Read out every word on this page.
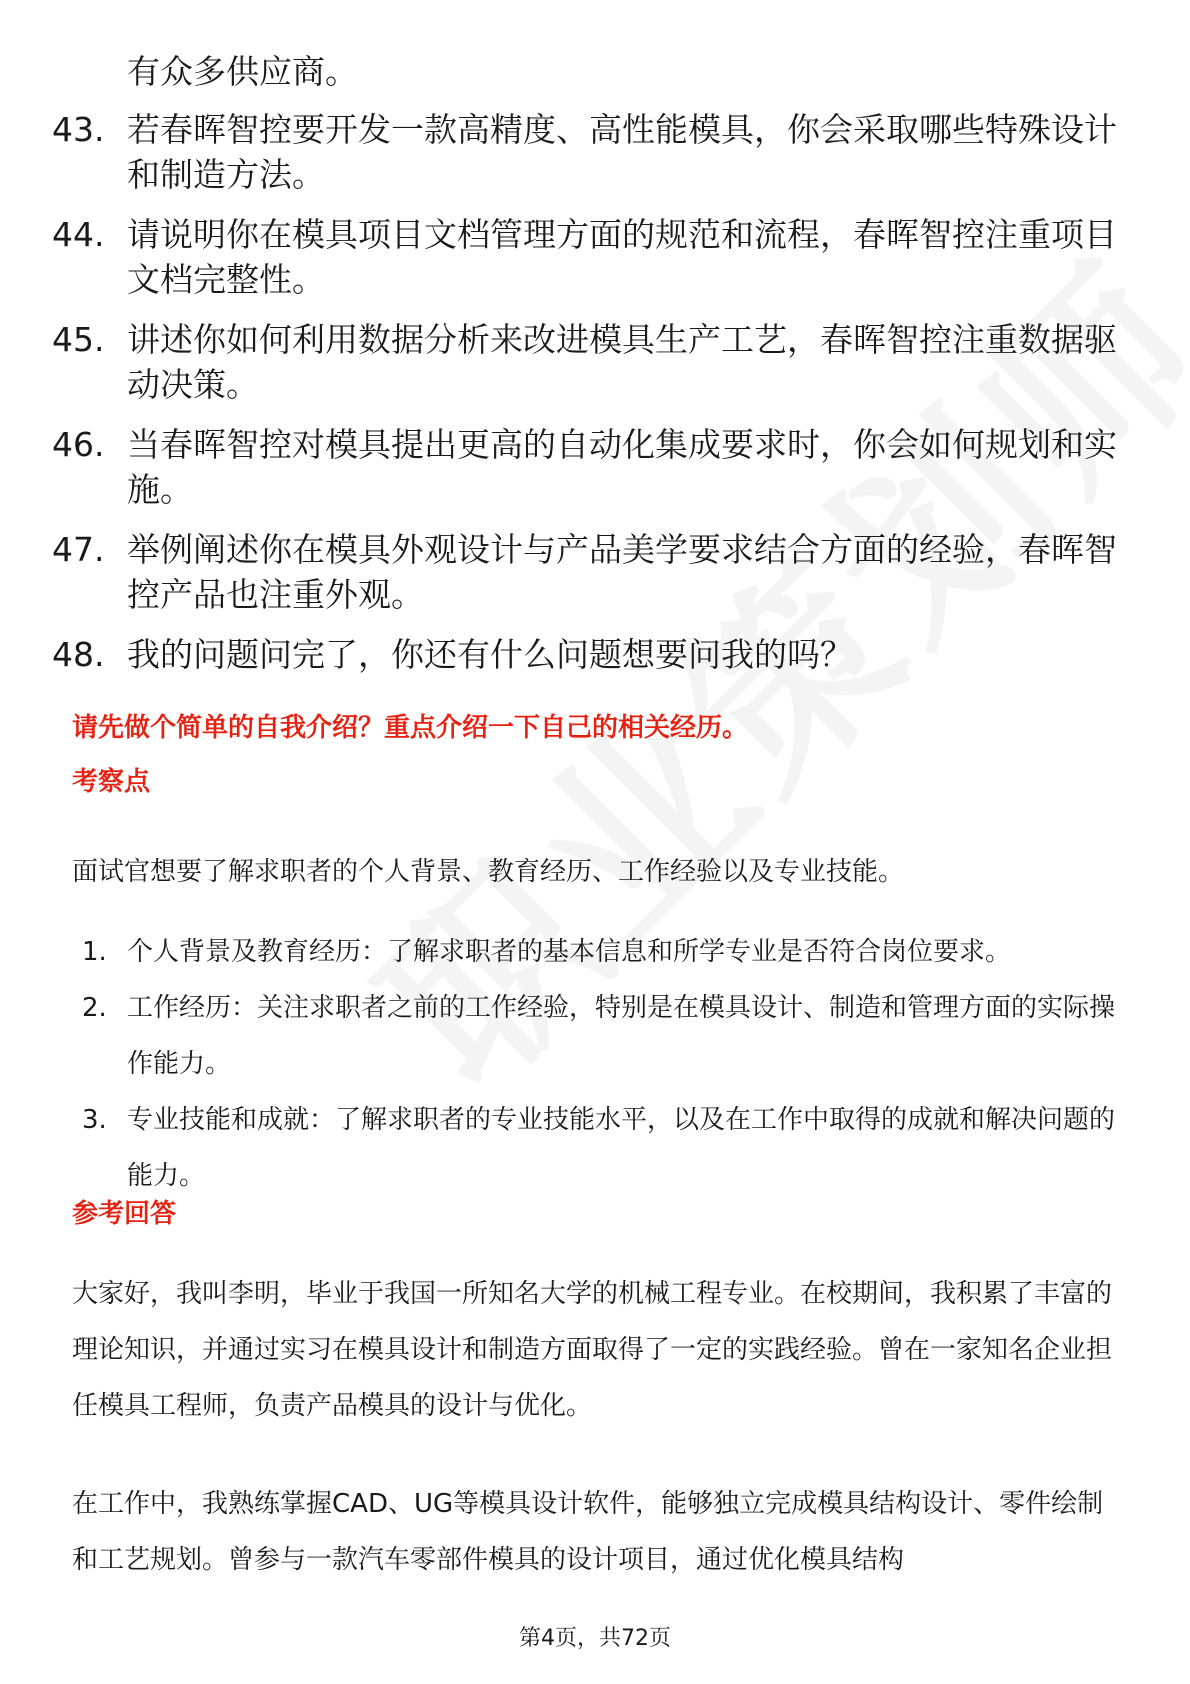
有众多供应商。
43. 若春晖智控要开发一款高精度、高性能模具，你会采取哪些特殊设计和制造方法。
44. 请说明你在模具项目文档管理方面的规范和流程，春晖智控注重项目文档完整性。
45. 讲述你如何利用数据分析来改进模具生产工艺，春晖智控注重数据驱动决策。
46. 当春晖智控对模具提出更高的自动化集成要求时，你会如何规划和实施。
47. 举例阐述你在模具外观设计与产品美学要求结合方面的经验，春晖智控产品也注重外观。
48. 我的问题问完了，你还有什么问题想要问我的吗？
请先做个简单的自我介绍？重点介绍一下自己的相关经历。
考察点
面试官想要了解求职者的个人背景、教育经历、工作经验以及专业技能。
1. 个人背景及教育经历：了解求职者的基本信息和所学专业是否符合岗位要求。
2. 工作经历：关注求职者之前的工作经验，特别是在模具设计、制造和管理方面的实际操作能力。
3. 专业技能和成就：了解求职者的专业技能水平，以及在工作中取得的成就和解决问题的能力。
参考回答
大家好，我叫李明，毕业于我国一所知名大学的机械工程专业。在校期间，我积累了丰富的理论知识，并通过实习在模具设计和制造方面取得了一定的实践经验。曾在一家知名企业担任模具工程师，负责产品模具的设计与优化。
在工作中，我熟练掌握CAD、UG等模具设计软件，能够独立完成模具结构设计、零件绘制和工艺规划。曾参与一款汽车零部件模具的设计项目，通过优化模具结构
第4页，共72页
